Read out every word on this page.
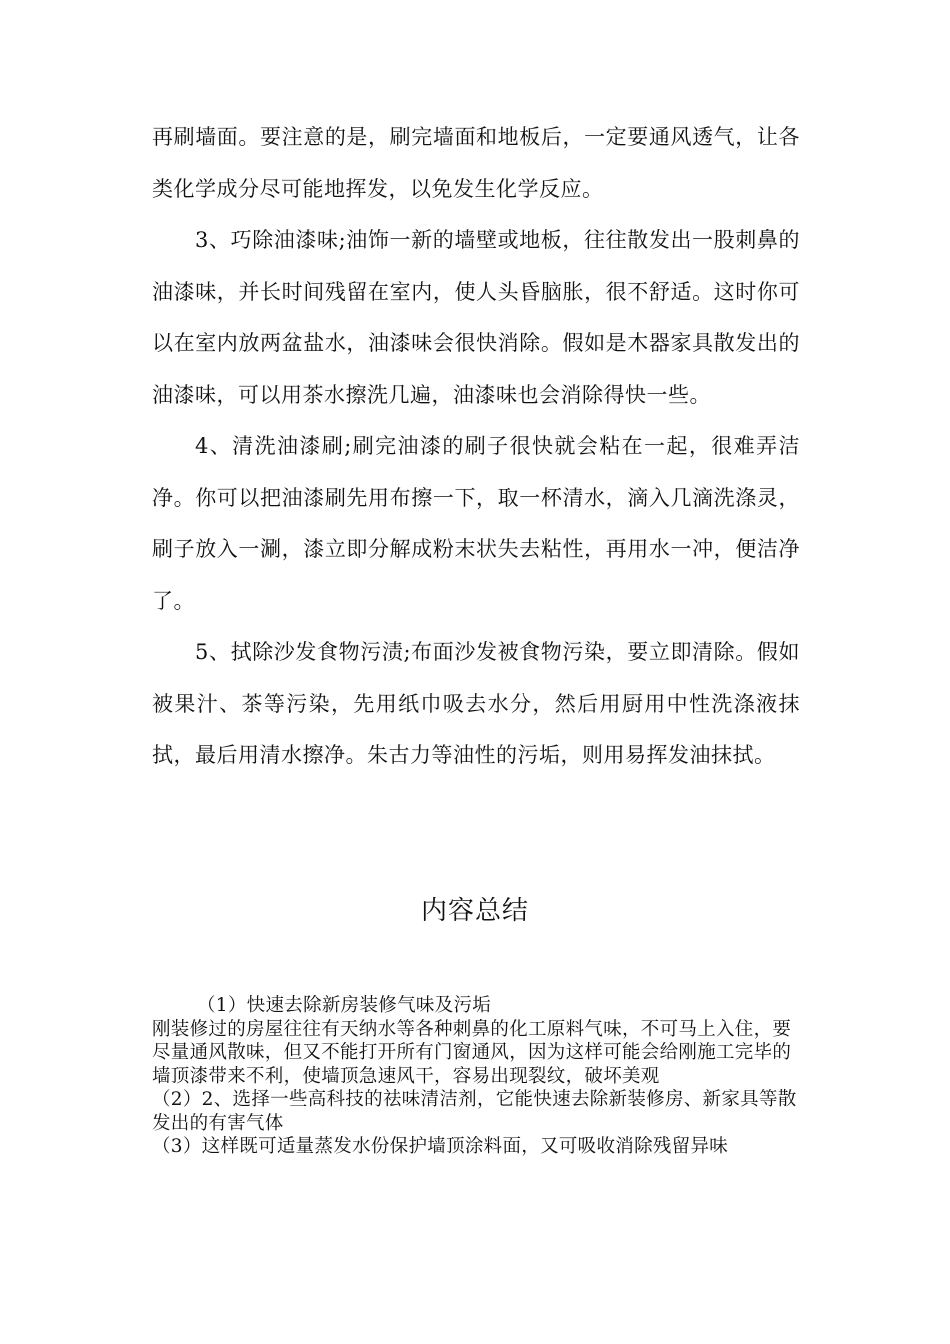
再刷墙面。要注意的是，刷完墙面和地板后，一定要通风透气，让各类化学成分尽可能地挥发，以免发生化学反应。

3、巧除油漆味;油饰一新的墙壁或地板，往往散发出一股刺鼻的油漆味，并长时间残留在室内，使人头昏脑胀，很不舒适。这时你可以在室内放两盆盐水，油漆味会很快消除。假如是木器家具散发出的油漆味，可以用茶水擦洗几遍，油漆味也会消除得快一些。

4、清洗油漆刷;刷完油漆的刷子很快就会粘在一起，很难弄洁净。你可以把油漆刷先用布擦一下，取一杯清水，滴入几滴洗涤灵，刷子放入一涮，漆立即分解成粉末状失去粘性，再用水一冲，便洁净了。

5、拭除沙发食物污渍;布面沙发被食物污染，要立即清除。假如被果汁、茶等污染，先用纸巾吸去水分，然后用厨用中性洗涤液抹拭，最后用清水擦净。朱古力等油性的污垢，则用易挥发油抹拭。

内容总结

（1）快速去除新房装修气味及污垢

刚装修过的房屋往往有天纳水等各种刺鼻的化工原料气味，不可马上入住，要尽量通风散味，但又不能打开所有门窗通风，因为这样可能会给刚施工完毕的墙顶漆带来不利，使墙顶急速风干，容易出现裂纹，破坏美观

（2）2、选择一些高科技的祛味清洁剂，它能快速去除新装修房、新家具等散发出的有害气体

（3）这样既可适量蒸发水份保护墙顶涂料面，又可吸收消除残留异味
